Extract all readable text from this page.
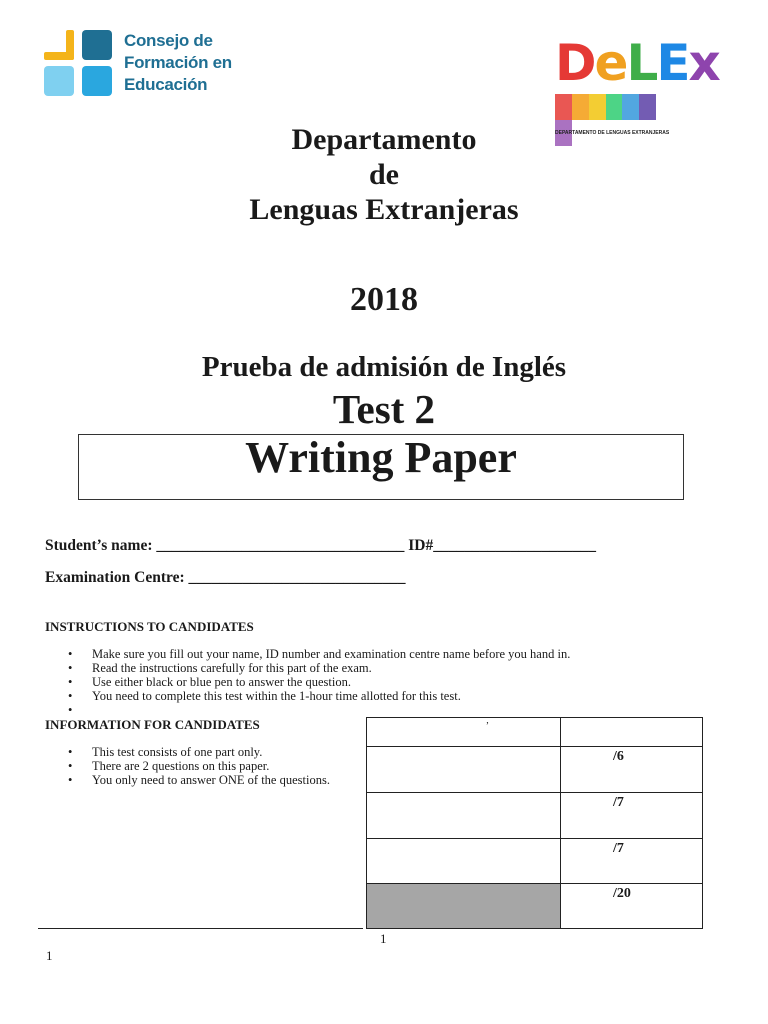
Consejo de
Formación en
Educación	DeLEx
DEPARTAMENTO DE LENGUAS EXTRANJERAS
Departamento
de
Lenguas Extranjeras
2018
Prueba de admisión de Inglés
Test 2
Writing Paper
Student’s name: ________________________________ ID#_____________________
Examination Centre: ____________________________
INSTRUCTIONS TO CANDIDATES
• Make sure you fill out your name, ID number and examination centre name before you hand in.
• Read the instructions carefully for this part of the exam.
• Use either black or blue pen to answer the question.
• You need to complete this test within the 1-hour time allotted for this test.
•
INFORMATION FOR CANDIDATES
• This test consists of one part only.
• There are 2 questions on this paper.
• You only need to answer ONE of the questions.
,	
	/6
	/7
	/7
	/20
1
1
